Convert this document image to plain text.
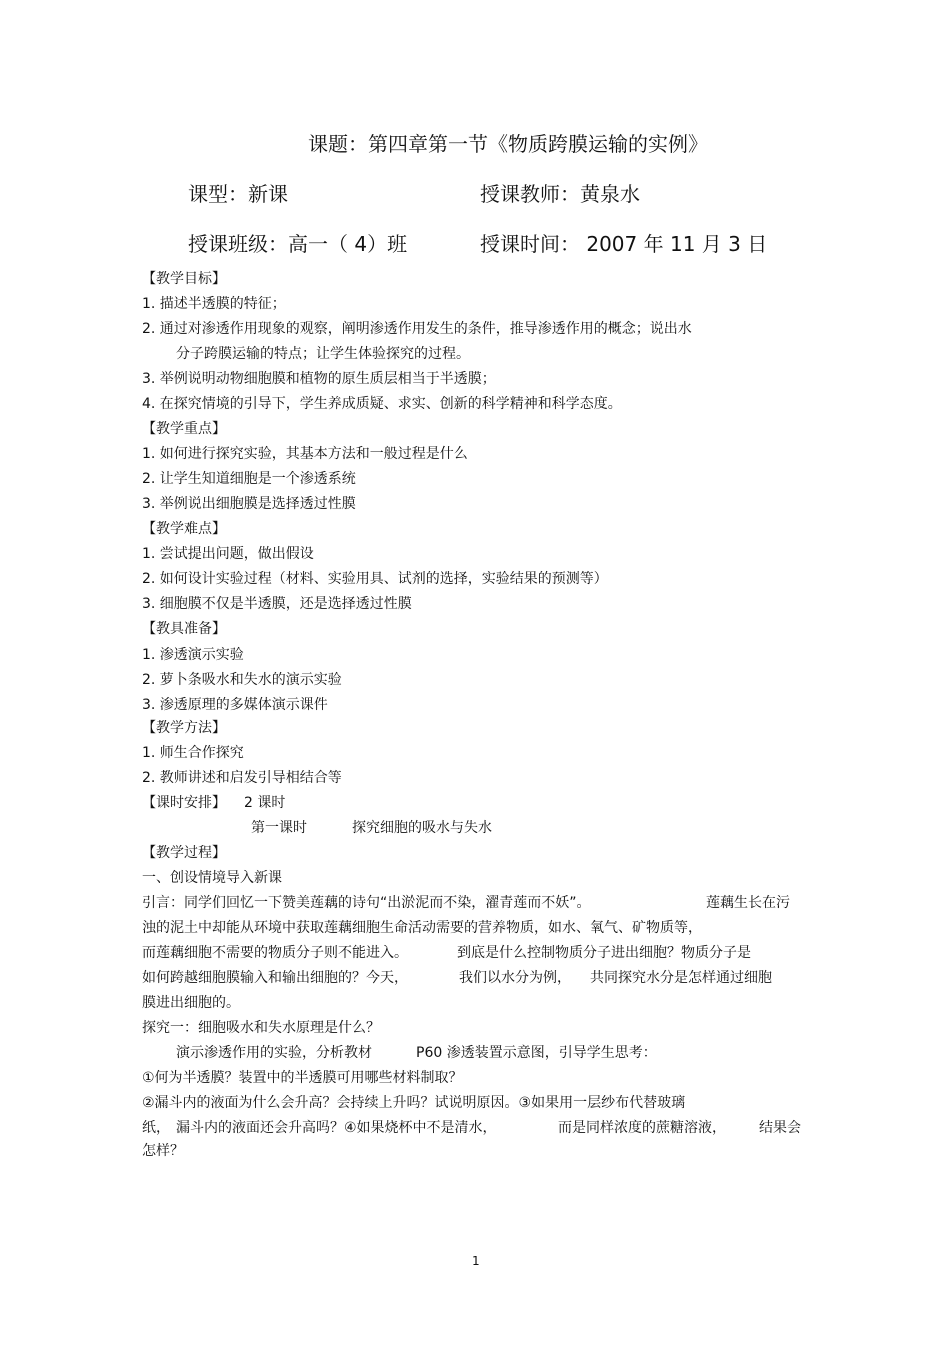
课题：第四章第一节《物质跨膜运输的实例》
课型：新课	授课教师：黄泉水
授课班级：高一（ 4）班	授课时间： 2007 年 11 月 3 日
【教学目标】
1. 描述半透膜的特征；
2. 通过对渗透作用现象的观察，阐明渗透作用发生的条件，推导渗透作用的概念；说出水
分子跨膜运输的特点；让学生体验探究的过程。
3. 举例说明动物细胞膜和植物的原生质层相当于半透膜；
4. 在探究情境的引导下，学生养成质疑、求实、创新的科学精神和科学态度。
【教学重点】
1. 如何进行探究实验，其基本方法和一般过程是什么
2. 让学生知道细胞是一个渗透系统
3. 举例说出细胞膜是选择透过性膜
【教学难点】
1. 尝试提出问题，做出假设
2. 如何设计实验过程（材料、实验用具、试剂的选择，实验结果的预测等）
3. 细胞膜不仅是半透膜，还是选择透过性膜
【教具准备】
1. 渗透演示实验
2. 萝卜条吸水和失水的演示实验
3. 渗透原理的多媒体演示课件
【教学方法】
1. 师生合作探究
2. 教师讲述和启发引导相结合等
【课时安排】 2 课时
第一课时	探究细胞的吸水与失水
【教学过程】
一、创设情境导入新课
引言：同学们回忆一下赞美莲藕的诗句“出淤泥而不染，濯青莲而不妖”。	莲藕生长在污
浊的泥土中却能从环境中获取莲藕细胞生命活动需要的营养物质，如水、氧气、矿物质等，
而莲藕细胞不需要的物质分子则不能进入。	到底是什么控制物质分子进出细胞？物质分子是
如何跨越细胞膜输入和输出细胞的？今天，	我们以水分为例， 共同探究水分是怎样通过细胞
膜进出细胞的。
探究一：细胞吸水和失水原理是什么？
演示渗透作用的实验，分析教材	P60 渗透装置示意图，引导学生思考：
①何为半透膜？装置中的半透膜可用哪些材料制取？
②漏斗内的液面为什么会升高？会持续上升吗？试说明原因。③如果用一层纱布代替玻璃
纸， 漏斗内的液面还会升高吗？④如果烧杯中不是清水，	而是同样浓度的蔗糖溶液， 结果会
怎样？
1
